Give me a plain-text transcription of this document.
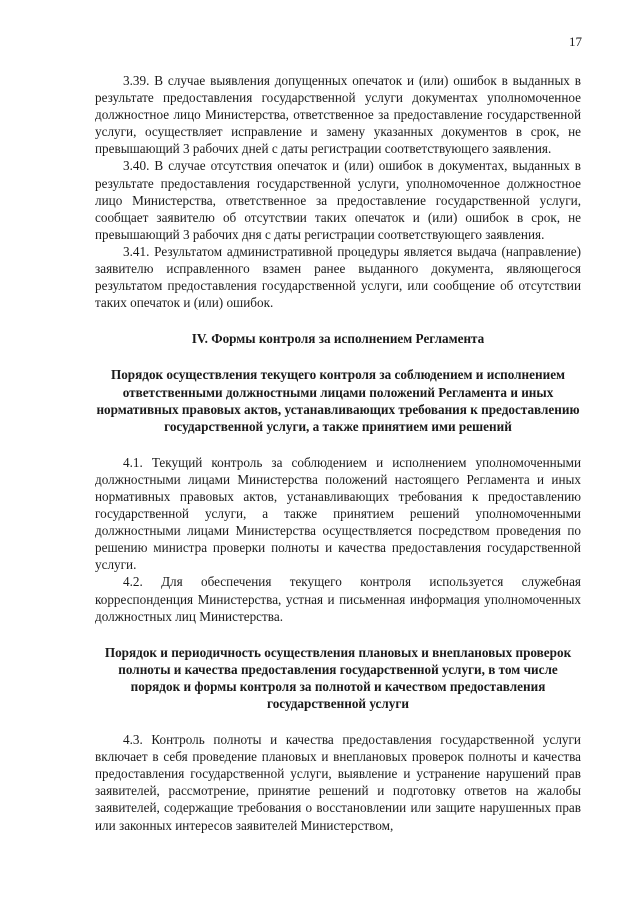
17

3.39. В случае выявления допущенных опечаток и (или) ошибок в выданных в результате предоставления государственной услуги документах уполномоченное должностное лицо Министерства, ответственное за предоставление государственной услуги, осуществляет исправление и замену указанных документов в срок, не превышающий 3 рабочих дней с даты регистрации соответствующего заявления.

3.40. В случае отсутствия опечаток и (или) ошибок в документах, выданных в результате предоставления государственной услуги, уполномоченное должностное лицо Министерства, ответственное за предоставление государственной услуги, сообщает заявителю об отсутствии таких опечаток и (или) ошибок в срок, не превышающий 3 рабочих дня с даты регистрации соответствующего заявления.

3.41. Результатом административной процедуры является выдача (направление) заявителю исправленного взамен ранее выданного документа, являющегося результатом предоставления государственной услуги, или сообщение об отсутствии таких опечаток и (или) ошибок.

IV. Формы контроля за исполнением Регламента
Порядок осуществления текущего контроля за соблюдением и исполнением ответственными должностными лицами положений Регламента и иных нормативных правовых актов, устанавливающих требования к предоставлению государственной услуги, а также принятием ими решений

4.1. Текущий контроль за соблюдением и исполнением уполномоченными должностными лицами Министерства положений настоящего Регламента и иных нормативных правовых актов, устанавливающих требования к предоставлению государственной услуги, а также принятием решений уполномоченными должностными лицами Министерства осуществляется посредством проведения по решению министра проверки полноты и качества предоставления государственной услуги.

4.2. Для обеспечения текущего контроля используется служебная корреспонденция Министерства, устная и письменная информация уполномоченных должностных лиц Министерства.

Порядок и периодичность осуществления плановых и внеплановых проверок полноты и качества предоставления государственной услуги, в том числе порядок и формы контроля за полнотой и качеством предоставления государственной услуги

4.3. Контроль полноты и качества предоставления государственной услуги включает в себя проведение плановых и внеплановых проверок полноты и качества предоставления государственной услуги, выявление и устранение нарушений прав заявителей, рассмотрение, принятие решений и подготовку ответов на жалобы заявителей, содержащие требования о восстановлении или защите нарушенных прав или законных интересов заявителей Министерством,
